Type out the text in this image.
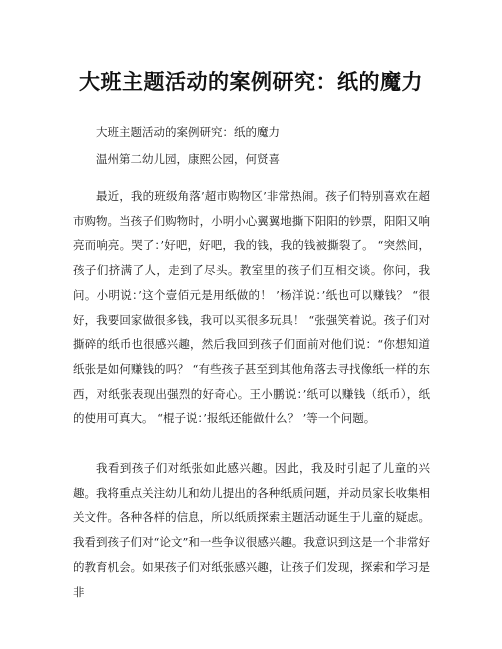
大班主题活动的案例研究：纸的魔力

大班主题活动的案例研究：纸的魔力

温州第二幼儿园，康熙公园，何贤喜

最近，我的班级角落’超市购物区’非常热闹。孩子们特别喜欢在超市购物。当孩子们购物时，小明小心翼翼地撕下阳阳的钞票，阳阳又响亮而响亮。哭了：’好吧，好吧，我的钱，我的钱被撕裂了。 “突然间，孩子们挤满了人，走到了尽头。教室里的孩子们互相交谈。你问，我问。小明说：’这个壹佰元是用纸做的！ ’杨洋说：’纸也可以赚钱？ “很好，我要回家做很多钱，我可以买很多玩具！ “张强笑着说。孩子们对撕碎的纸币也很感兴趣，然后我回到孩子们面前对他们说：“你想知道纸张是如何赚钱的吗？ “有些孩子甚至到其他角落去寻找像纸一样的东西，对纸张表现出强烈的好奇心。王小鹏说：’纸可以赚钱（纸币），纸的使用可真大。 “棍子说：’报纸还能做什么？ ’等一个问题。

我看到孩子们对纸张如此感兴趣。因此，我及时引起了儿童的兴趣。我将重点关注幼儿和幼儿提出的各种纸质问题，并动员家长收集相关文件。各种各样的信息，所以纸质探索主题活动诞生于儿童的疑虑。我看到孩子们对“论文”和一些争议很感兴趣。我意识到这是一个非常好的教育机会。如果孩子们对纸张感兴趣，让孩子们发现，探索和学习是非
